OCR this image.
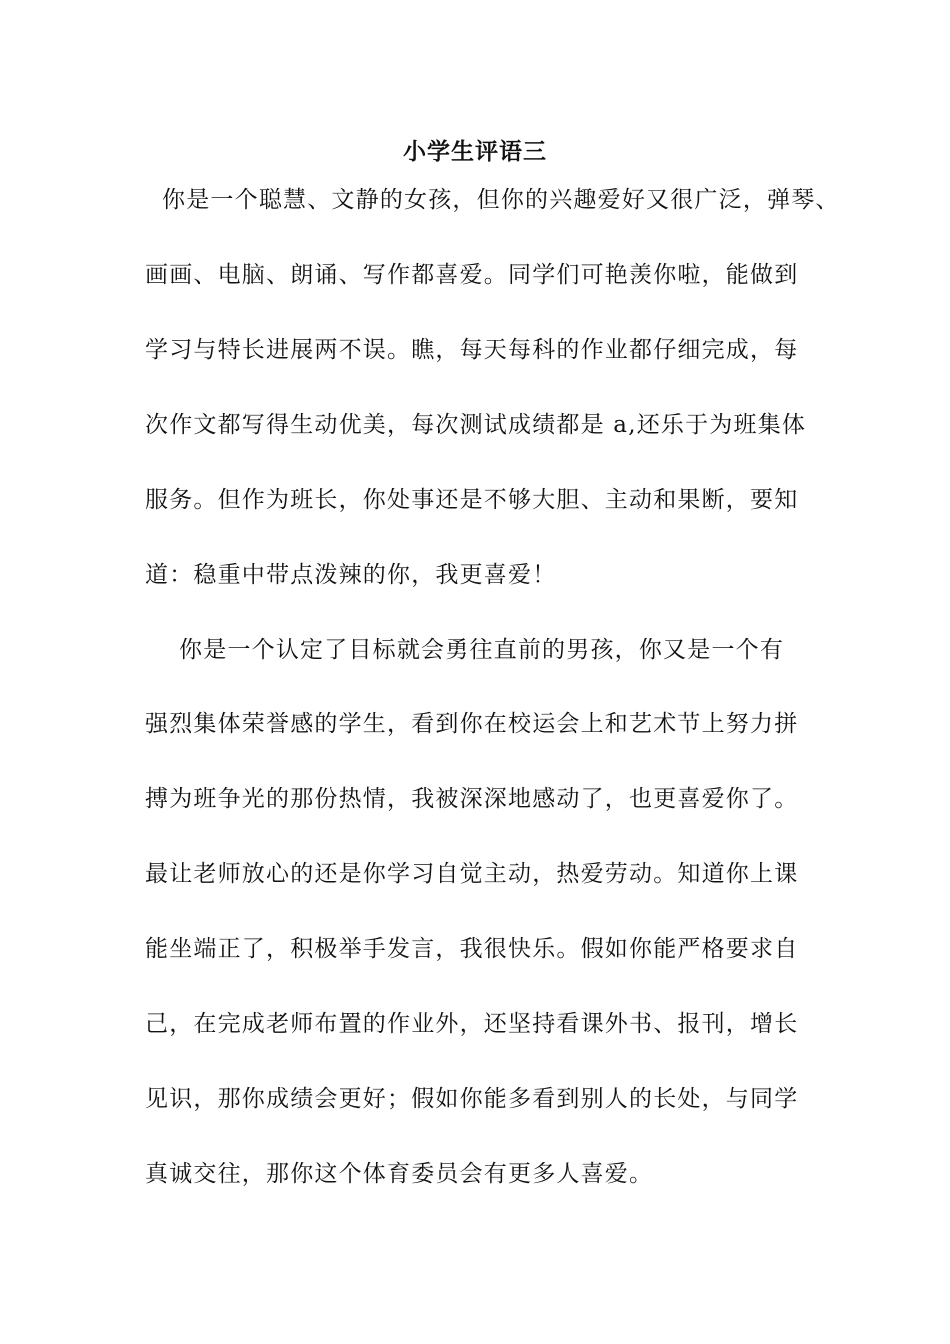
小学生评语三
你是一个聪慧、文静的女孩，但你的兴趣爱好又很广泛，弹琴、
画画、电脑、朗诵、写作都喜爱。同学们可艳羡你啦，能做到
学习与特长进展两不误。瞧，每天每科的作业都仔细完成，每
次作文都写得生动优美，每次测试成绩都是 a,还乐于为班集体
服务。但作为班长，你处事还是不够大胆、主动和果断，要知
道：稳重中带点泼辣的你，我更喜爱！
你是一个认定了目标就会勇往直前的男孩，你又是一个有
强烈集体荣誉感的学生，看到你在校运会上和艺术节上努力拼
搏为班争光的那份热情，我被深深地感动了，也更喜爱你了。
最让老师放心的还是你学习自觉主动，热爱劳动。知道你上课
能坐端正了，积极举手发言，我很快乐。假如你能严格要求自
己，在完成老师布置的作业外，还坚持看课外书、报刊，增长
见识，那你成绩会更好；假如你能多看到别人的长处，与同学
真诚交往，那你这个体育委员会有更多人喜爱。
